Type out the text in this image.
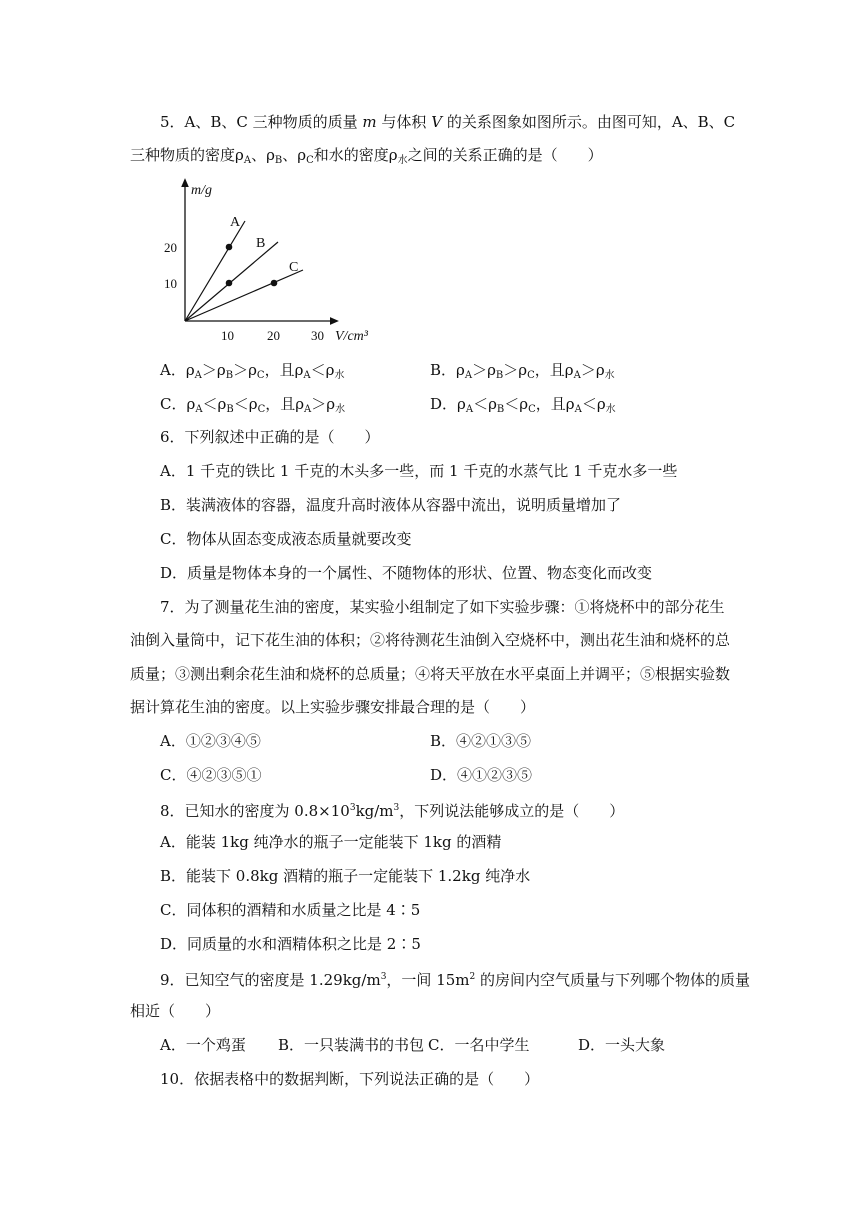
5．A、B、C 三种物质的质量 m 与体积 V 的关系图象如图所示。由图可知，A、B、C
三种物质的密度$\rho_A$、$\rho_B$、$\rho_C$和水的密度$\rho_水$之间的关系正确的是（　　）
m/g
V/cm³
20
10
10	20 30
A
B
C
A．$\rho_A>\rho_B>\rho_C$，且$\rho_A<\rho_水$	B．$\rho_A>\rho_B>\rho_C$，且$\rho_A>\rho_水$
C．$\rho_A<\rho_B<\rho_C$，且$\rho_A>\rho_水$	D．$\rho_A<\rho_B<\rho_C$，且$\rho_A<\rho_水$
6．下列叙述中正确的是（　　）
A．1 千克的铁比 1 千克的木头多一些，而 1 千克的水蒸气比 1 千克水多一些
B．装满液体的容器，温度升高时液体从容器中流出，说明质量增加了
C．物体从固态变成液态质量就要改变
D．质量是物体本身的一个属性、不随物体的形状、位置、物态变化而改变
7．为了测量花生油的密度，某实验小组制定了如下实验步骤：①将烧杯中的部分花生
油倒入量筒中，记下花生油的体积；②将待测花生油倒入空烧杯中，测出花生油和烧杯的总
质量；③测出剩余花生油和烧杯的总质量；④将天平放在水平桌面上并调平；⑤根据实验数
据计算花生油的密度。以上实验步骤安排最合理的是（　　）
A．①②③④⑤	B．④②①③⑤
C．④②③⑤①	D．④①②③⑤
8．已知水的密度为 $0.8\times 10^3kg/m^3$，下列说法能够成立的是（　　）
A．能装 1kg 纯净水的瓶子一定能装下 1kg 的酒精
B．能装下 0.8kg 酒精的瓶子一定能装下 1.2kg 纯净水
C．同体积的酒精和水质量之比是 4∶5
D．同质量的水和酒精体积之比是 2∶5
9．已知空气的密度是 $1.29kg/m^3$，一间 $15m^2$ 的房间内空气质量与下列哪个物体的质量
相近（　　）
A．一个鸡蛋 B．一只装满书的书包 C．一名中学生	D．一头大象
10．依据表格中的数据判断，下列说法正确的是（　　）
